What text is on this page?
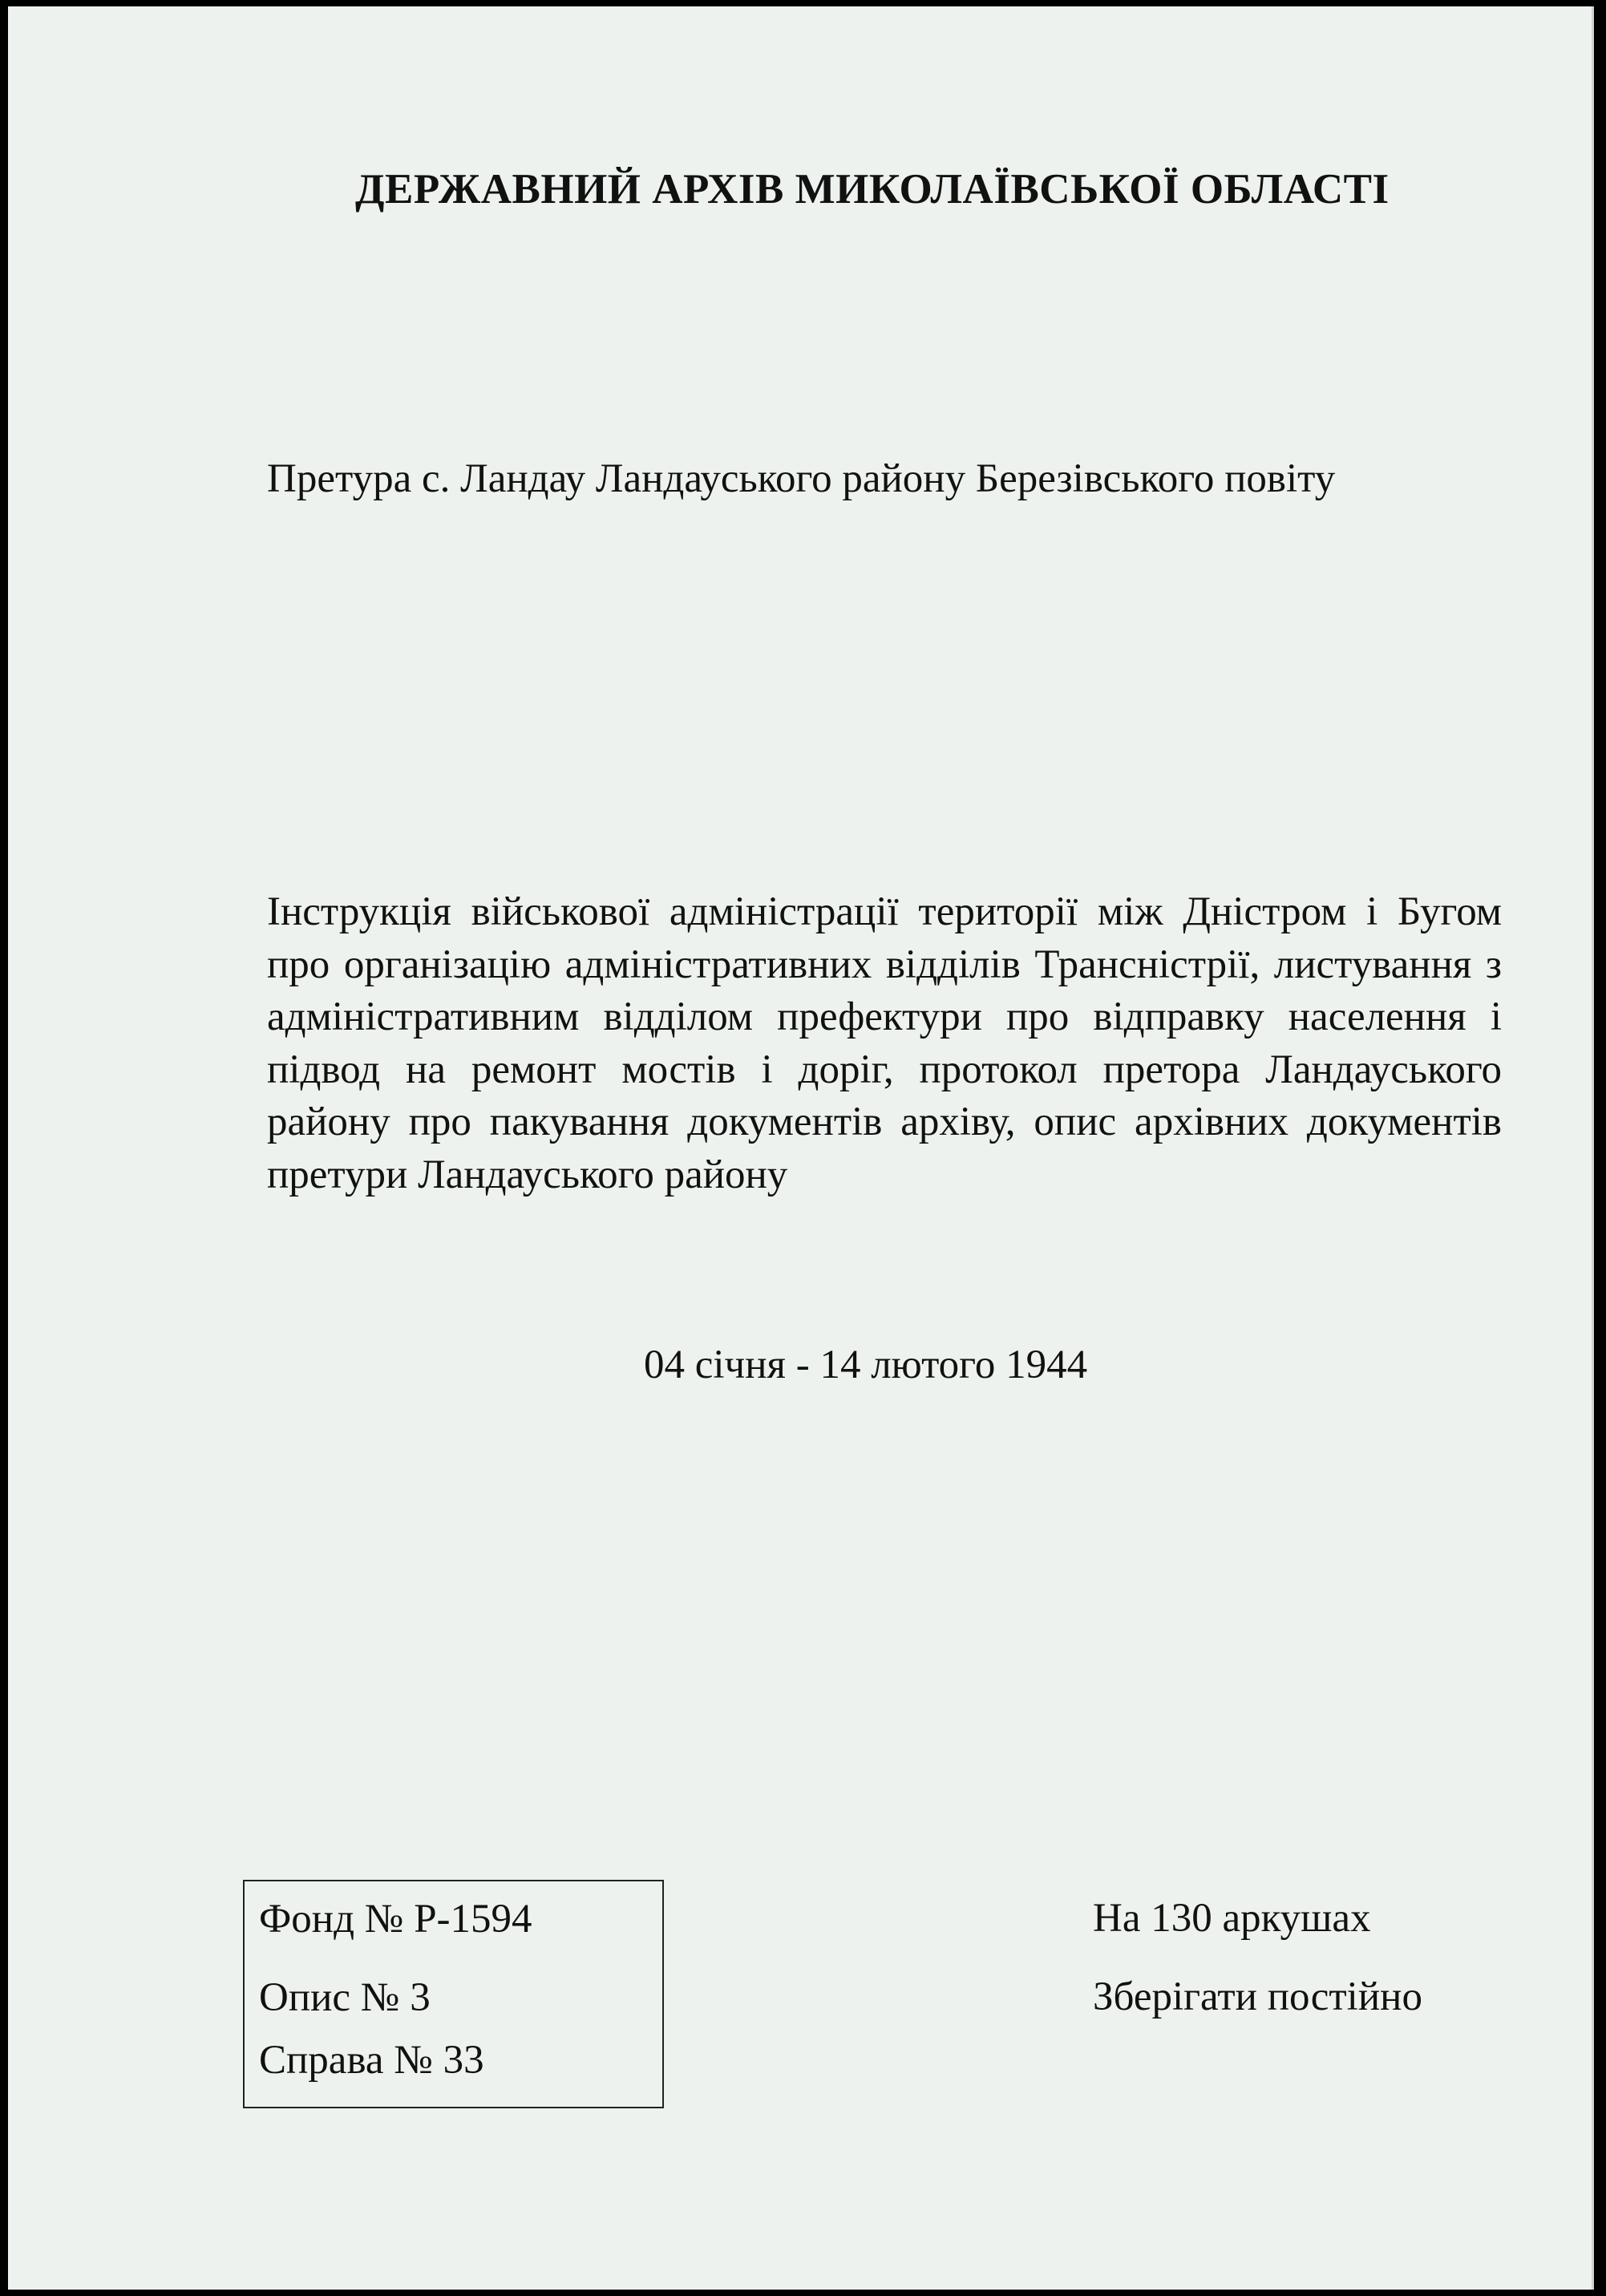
ДЕРЖАВНИЙ АРХІВ МИКОЛАЇВСЬКОЇ ОБЛАСТІ
Претура с. Ландау Ландауського району Березівського повіту
Інструкція військової адміністрації території між Дністром і Бугом про організацію адміністративних відділів Трансністрії, листування з адміністративним відділом префектури про відправку населення і підвод на ремонт мостів і доріг, протокол претора Ландауського району про пакування документів архіву, опис архівних документів претури Ландауського району
04 січня - 14 лютого 1944
Фонд № Р-1594
Опис № 3
Справа № 33
На 130 аркушах
Зберігати постійно
